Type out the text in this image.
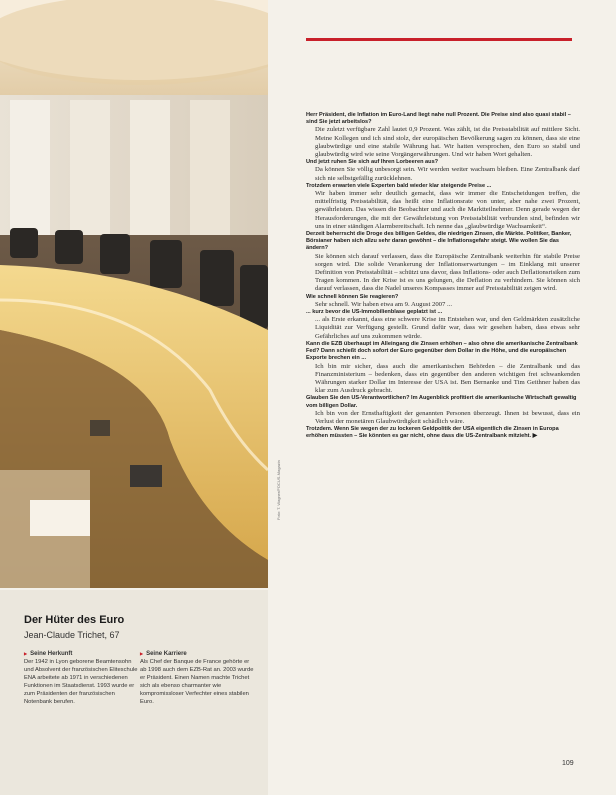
Foto: T. Wagner/FOCUS-Magazin
Der Hüter des Euro
Jean-Claude Trichet, 67
▶ Seine Herkunft
Der 1942 in Lyon geborene Beamtensohn und Absolvent der französischen Eliteschule ENA arbeitete ab 1971 in verschiedenen Funktionen im Staatsdienst. 1993 wurde er zum Präsidenten der französischen Notenbank berufen.
▶ Seine Karriere
Als Chef der Banque de France gehörte er ab 1998 auch dem EZB-Rat an. 2003 wurde er Präsident. Einen Namen machte Trichet sich als ebenso charmanter wie kompromissloser Verfechter eines stabilen Euro.

Herr Präsident, die Inflation im Euro-Land liegt nahe null Prozent. Die Preise sind also quasi stabil – sind Sie jetzt arbeitslos?

Die zuletzt verfügbare Zahl lautet 0,9 Prozent. Was zählt, ist die Preisstabilität auf mittlere Sicht. Meine Kollegen und ich sind stolz, der europäischen Bevölkerung sagen zu können, dass sie eine glaubwürdige und eine stabile Währung hat. Wir hatten versprochen, den Euro so stabil und glaubwürdig wird wie seine Vorgängerwährungen. Und wir haben Wort gehalten.

Und jetzt ruhen Sie sich auf Ihren Lorbeeren aus?

Da können Sie völlig unbesorgt sein. Wir werden weiter wachsam bleiben. Eine Zentralbank darf sich nie selbstgefällig zurücklehnen.

Trotzdem erwarten viele Experten bald wieder klar steigende Preise ...

Wir haben immer sehr deutlich gemacht, dass wir immer die Entscheidungen treffen, die mittelfristig Preisstabilität, das heißt eine Inflationsrate von unter, aber nahe zwei Prozent, gewährleisten. Das wissen die Beobachter und auch die Marktteilnehmer. Denn gerade wegen der Herausforderungen, die mit der Gewährleistung von Preisstabilität verbunden sind, befinden wir uns in einer ständigen Alarmbereitschaft. Ich nenne das „glaubwürdige Wachsamkeit“.

Derzeit beherrscht die Droge des billigen Geldes, die niedrigen Zinsen, die Märkte. Politiker, Banker, Börsianer haben sich allzu sehr daran gewöhnt – die Inflationsgefahr steigt. Wie wollen Sie das ändern?

Sie können sich darauf verlassen, dass die Europäische Zentralbank weiterhin für stabile Preise sorgen wird. Die solide Verankerung der Inflationserwartungen – im Einklang mit unserer Definition von Preisstabilität – schützt uns davor, dass Inflations- oder auch Deflationsrisiken zum Tragen kommen. In der Krise ist es uns gelungen, die Deflation zu verhindern. Sie können sich darauf verlassen, dass die Nadel unseres Kompasses immer auf Preisstabilität zeigen wird.

Wie schnell können Sie reagieren?

Sehr schnell. Wir haben etwa am 9. August 2007 ...

... kurz bevor die US-Immobilienblase geplatzt ist ...

... als Erste erkannt, dass eine schwere Krise im Entstehen war, und den Geldmärkten zusätzliche Liquidität zur Verfügung gestellt. Grund dafür war, dass wir gesehen haben, dass etwas sehr Gefährliches auf uns zukommen würde.

Kann die EZB überhaupt im Alleingang die Zinsen erhöhen – also ohne die amerikanische Zentralbank Fed? Dann schießt doch sofort der Euro gegenüber dem Dollar in die Höhe, und die europäischen Exporte brechen ein ...

Ich bin mir sicher, dass auch die amerikanischen Behörden – die Zentralbank und das Finanzministerium – bedenken, dass ein gegenüber den anderen wichtigen frei schwankenden Währungen starker Dollar im Interesse der USA ist. Ben Bernanke und Tim Geithner haben das klar zum Ausdruck gebracht.

Glauben Sie den US-Verantwortlichen? Im Augenblick profitiert die amerikanische Wirtschaft gewaltig vom billigen Dollar.

Ich bin von der Ernsthaftigkeit der genannten Personen überzeugt. Ihnen ist bewusst, dass ein Verlust der monetären Glaubwürdigkeit schädlich wäre.

Trotzdem. Wenn Sie wegen der zu lockeren Geldpolitik der USA eigentlich die Zinsen in Europa erhöhen müssten – Sie könnten es gar nicht, ohne dass die US-Zentralbank mitzieht. ▶

109
